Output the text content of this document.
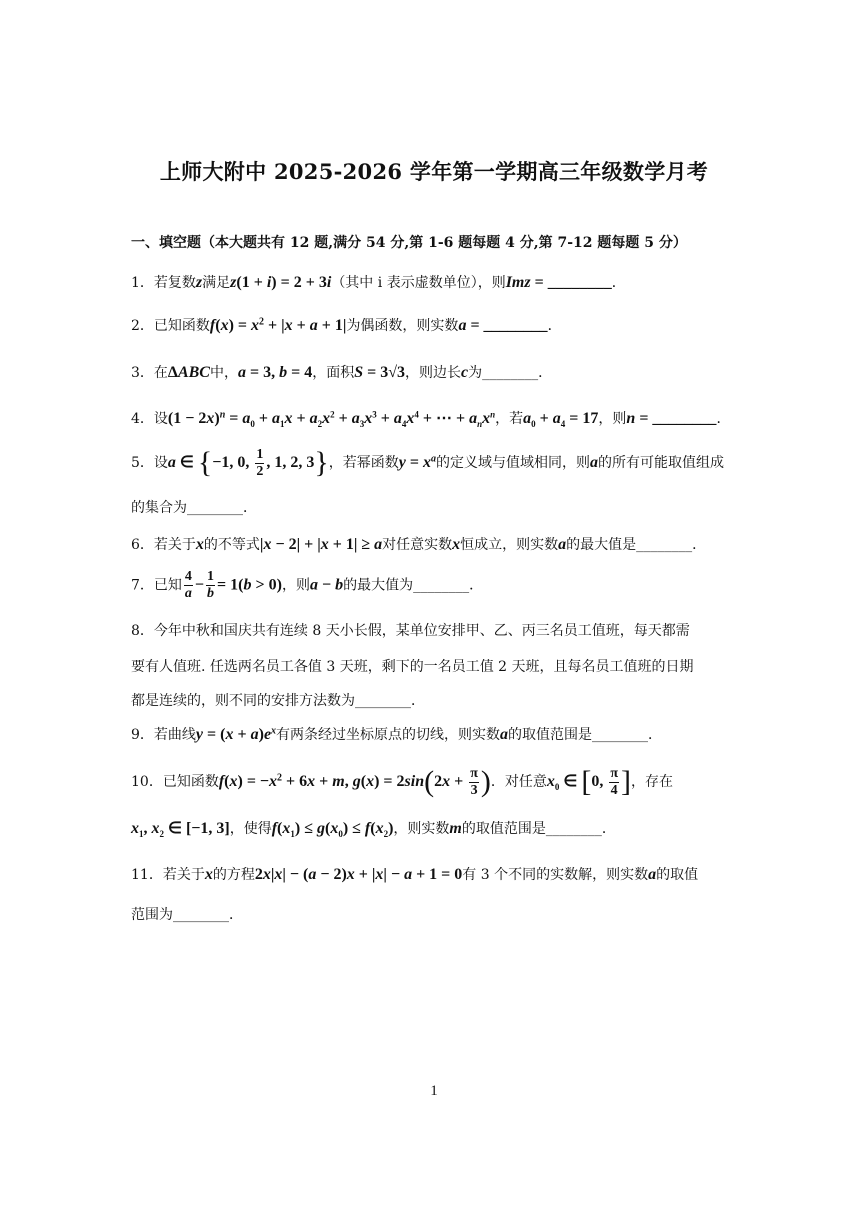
上师大附中 2025-2026 学年第一学期高三年级数学月考
一、填空题（本大题共有 12 题,满分 54 分,第 1-6 题每题 4 分,第 7-12 题每题 5 分）
1．若复数z满足z(1 + i) = 2 + 3i（其中 i 表示虚数单位），则Imz = ________．
2．已知函数$f(x) = x^2 + |x + a + 1|$为偶函数，则实数a = ________．
3．在ΔABC中，a = 3, b = 4，面积S = 3√3，则边长c为________．
4．设$(1 - 2x)^n = a_0 + a_1x + a_2x^2 + a_3x^3 + a_4x^4$ + ⋯ + $a_nx^n$，若$a_0 + a_4 = 17$，则n = ________．
5．设a ∈ {−1, 0, $\frac{1}{2}$ , 1, 2, 3}，若幂函数$y = x^a$的定义域与值域相同，则a的所有可能取值组成
的集合为________．
6．若关于x的不等式|x − 2| + |x + 1| ≥ a对任意实数x恒成立，则实数a的最大值是________．
7．已知 $\frac{4}{a} - \frac{1}{b} = 1(b > 0)$，则a − b的最大值为________．
8．今年中秋和国庆共有连续 8 天小长假，某单位安排甲、乙、丙三名员工值班，每天都需
要有人值班. 任选两名员工各值 3 天班，剩下的一名员工值 2 天班，且每名员工值班的日期
都是连续的，则不同的安排方法数为________．
9．若曲线$y = (x + a)e^x$有两条经过坐标原点的切线，则实数a的取值范围是________．
10．已知函数$f(x) = -x^2 + 6x + m$, $g(x) = 2\sin(2x + \frac{\pi}{3}$ )．对任意$x_0$ ∈ [0, $\frac{\pi}{4}$ ]，存在
$x_1$, $x_2$ ∈ [−1, 3]，使得$f(x_1) \le g(x_0) \le f(x_2)$，则实数m的取值范围是________．
11．若关于x的方程2x|x| − (a − 2)x + |x| − a + 1 = 0有 3 个不同的实数解，则实数a的取值
范围为________．
1
